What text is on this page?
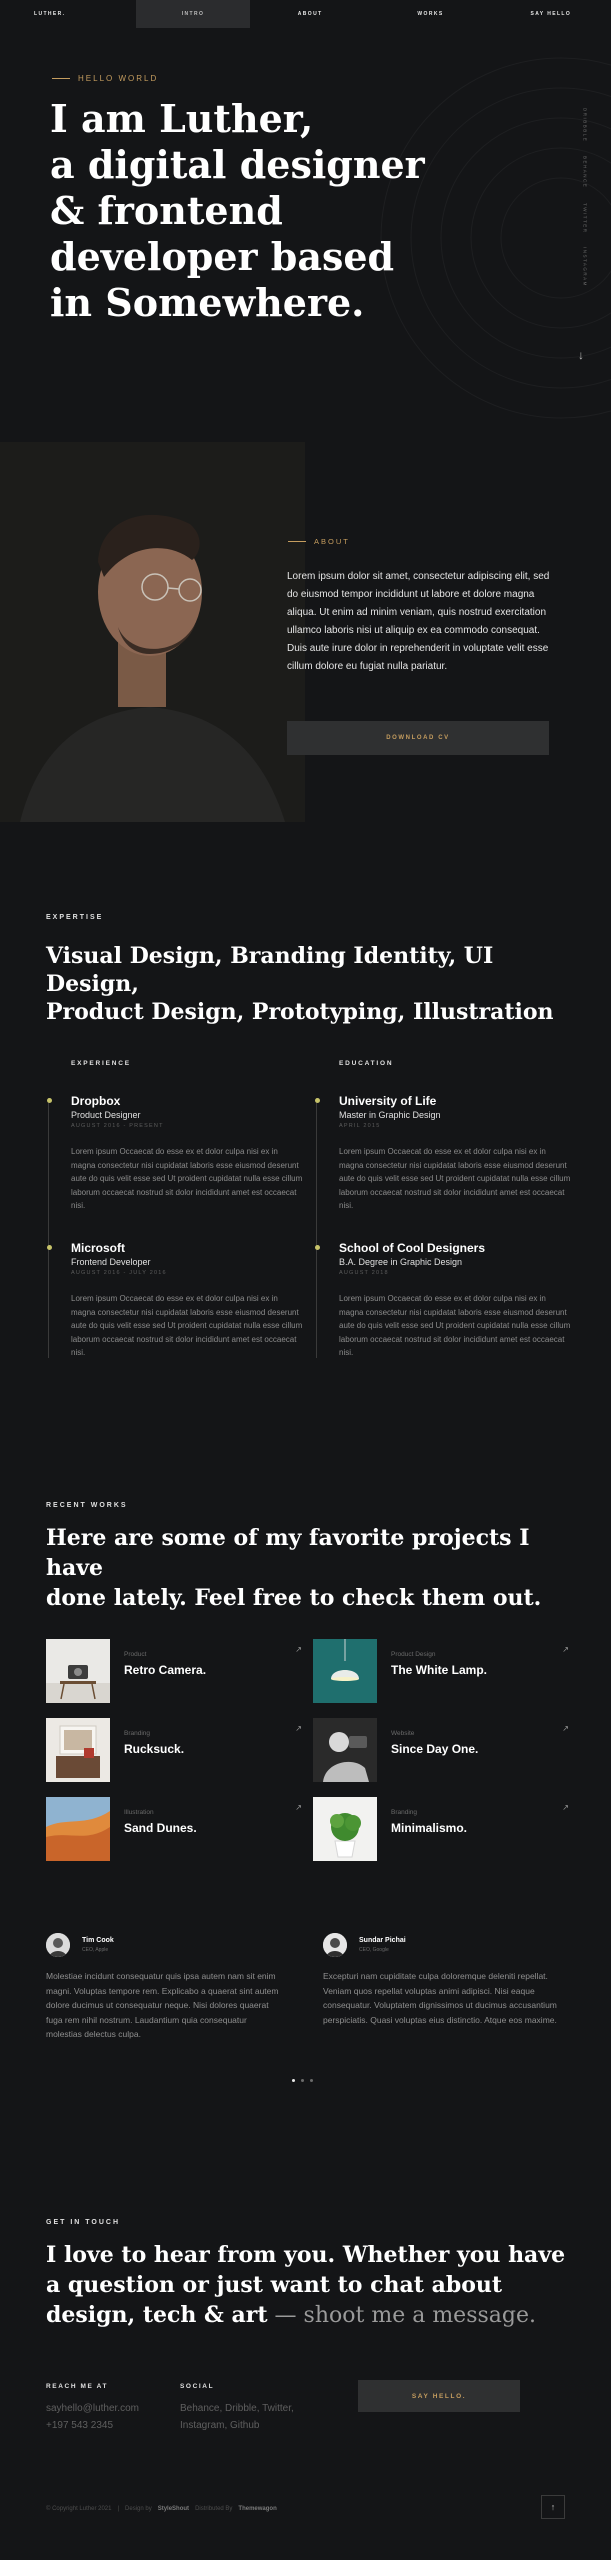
LUTHER.	INTRO	ABOUT	WORKS	SAY HELLO
HELLO WORLD
I am Luther,
a digital designer
& frontend
developer based
in Somewhere.
DRIBBBLE
BEHANCE
TWITTER
INSTAGRAM
↓
ABOUT

Lorem ipsum dolor sit amet, consectetur adipiscing elit, sed do eiusmod tempor incididunt ut labore et dolore magna aliqua. Ut enim ad minim veniam, quis nostrud exercitation ullamco laboris nisi ut aliquip ex ea commodo consequat. Duis aute irure dolor in reprehenderit in voluptate velit esse cillum dolore eu fugiat nulla pariatur.

DOWNLOAD CV
EXPERTISE
Visual Design, Branding Identity, UI Design,
Product Design, Prototyping, Illustration
EXPERIENCE	EDUCATION
Dropbox
Product Designer
AUGUST 2016 - PRESENT
Lorem ipsum Occaecat do esse ex et dolor culpa nisi ex in magna consectetur nisi cupidatat laboris esse eiusmod deserunt aute do quis velit esse sed Ut proident cupidatat nulla esse cillum laborum occaecat nostrud sit dolor incididunt amet est occaecat nisi.
Microsoft
Frontend Developer
AUGUST 2016 - JULY 2016
Lorem ipsum Occaecat do esse ex et dolor culpa nisi ex in magna consectetur nisi cupidatat laboris esse eiusmod deserunt aute do quis velit esse sed Ut proident cupidatat nulla esse cillum laborum occaecat nostrud sit dolor incididunt amet est occaecat nisi.
University of Life
Master in Graphic Design
APRIL 2015
Lorem ipsum Occaecat do esse ex et dolor culpa nisi ex in magna consectetur nisi cupidatat laboris esse eiusmod deserunt aute do quis velit esse sed Ut proident cupidatat nulla esse cillum laborum occaecat nostrud sit dolor incididunt amet est occaecat nisi.
School of Cool Designers
B.A. Degree in Graphic Design
AUGUST 2018
Lorem ipsum Occaecat do esse ex et dolor culpa nisi ex in magna consectetur nisi cupidatat laboris esse eiusmod deserunt aute do quis velit esse sed Ut proident cupidatat nulla esse cillum laborum occaecat nostrud sit dolor incididunt amet est occaecat nisi.
RECENT WORKS
Here are some of my favorite projects I have
done lately. Feel free to check them out.
Product
Retro Camera.
↗
Product Design
The White Lamp.
↗
Branding
Rucksuck.
↗
Website
Since Day One.
↗
Illustration
Sand Dunes.
↗
Branding
Minimalismo.
↗
Tim Cook
CEO, Apple

Molestiae incidunt consequatur quis ipsa autem nam sit enim magni. Voluptas tempore rem. Explicabo a quaerat sint autem dolore ducimus ut consequatur neque. Nisi dolores quaerat fuga rem nihil nostrum. Laudantium quia consequatur molestias delectus culpa.

Sundar Pichai
CEO, Google

Excepturi nam cupiditate culpa doloremque deleniti repellat. Veniam quos repellat voluptas animi adipisci. Nisi eaque consequatur. Voluptatem dignissimos ut ducimus accusantium perspiciatis. Quasi voluptas eius distinctio. Atque eos maxime.

GET IN TOUCH
I love to hear from you. Whether you have a question or just want to chat about design, tech & art — shoot me a message.
REACH ME AT
sayhello@luther.com
+197 543 2345
SOCIAL
Behance, Dribble, Twitter,
Instagram, Github
SAY HELLO.
© Copyright Luther 2021 | Design by StyleShout Distributed By Themewagon	↑
